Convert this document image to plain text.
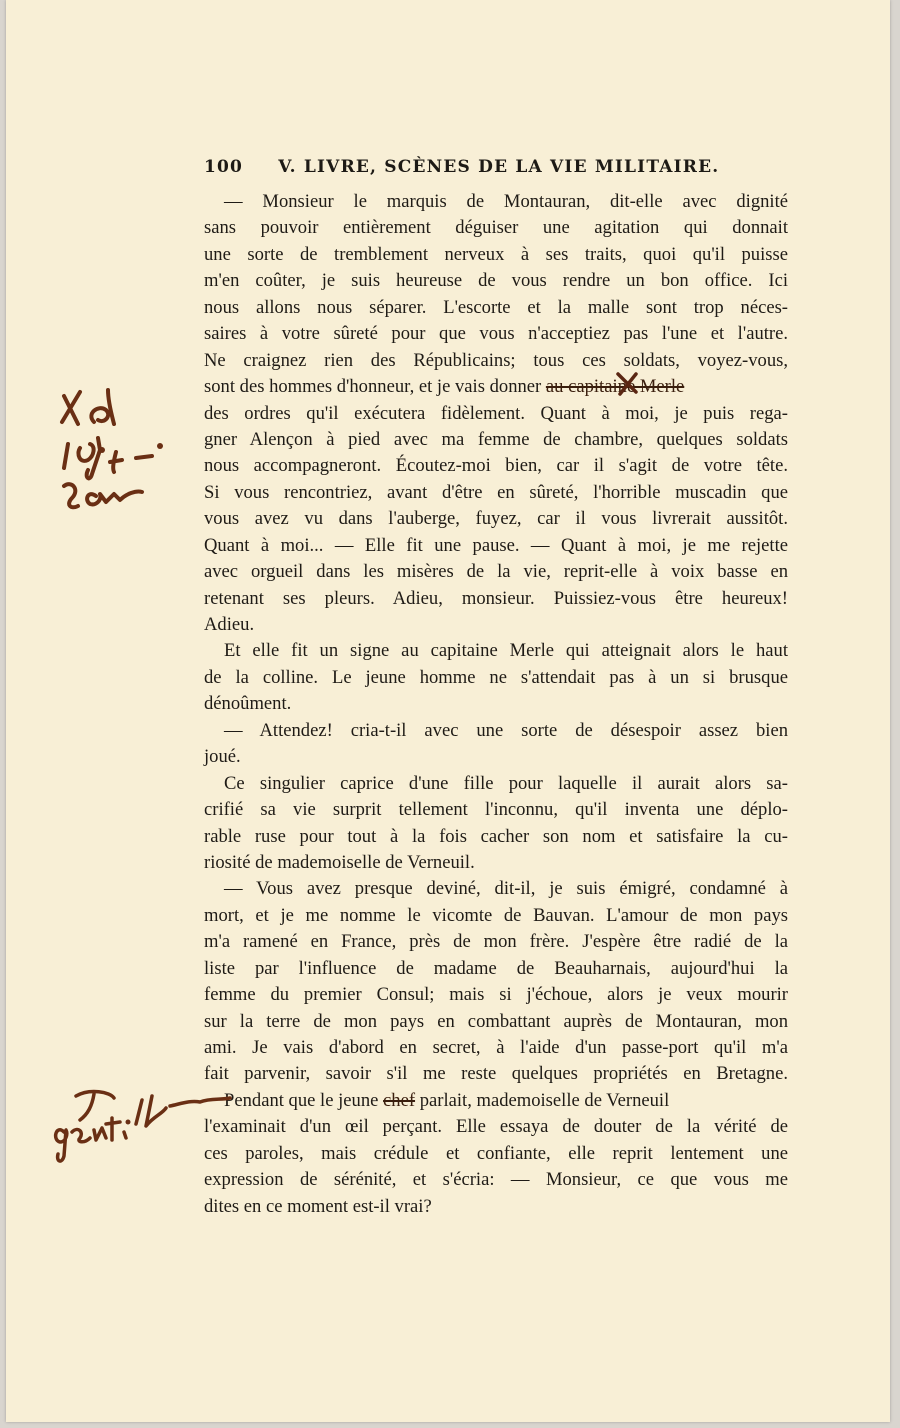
100 V. LIVRE, SCÈNES DE LA VIE MILITAIRE.
— Monsieur le marquis de Montauran, dit-elle avec dignité
sans pouvoir entièrement déguiser une agitation qui donnait
une sorte de tremblement nerveux à ses traits, quoi qu'il puisse
m'en coûter, je suis heureuse de vous rendre un bon office. Ici
nous allons nous séparer. L'escorte et la malle sont trop néces-
saires à votre sûreté pour que vous n'acceptiez pas l'une et l'autre.
Ne craignez rien des Républicains; tous ces soldats, voyez-vous,
sont des hommes d'honneur, et je vais donner au capitaine Merle
des ordres qu'il exécutera fidèlement. Quant à moi, je puis rega-
gner Alençon à pied avec ma femme de chambre, quelques soldats
nous accompagneront. Écoutez-moi bien, car il s'agit de votre tête.
Si vous rencontriez, avant d'être en sûreté, l'horrible muscadin que
vous avez vu dans l'auberge, fuyez, car il vous livrerait aussitôt.
Quant à moi... — Elle fit une pause. — Quant à moi, je me rejette
avec orgueil dans les misères de la vie, reprit-elle à voix basse en
retenant ses pleurs. Adieu, monsieur. Puissiez-vous être heureux!
Adieu.
Et elle fit un signe au capitaine Merle qui atteignait alors le haut
de la colline. Le jeune homme ne s'attendait pas à un si brusque
dénoûment.
— Attendez! cria-t-il avec une sorte de désespoir assez bien
joué.
Ce singulier caprice d'une fille pour laquelle il aurait alors sa-
crifié sa vie surprit tellement l'inconnu, qu'il inventa une déplo-
rable ruse pour tout à la fois cacher son nom et satisfaire la cu-
riosité de mademoiselle de Verneuil.
— Vous avez presque deviné, dit-il, je suis émigré, condamné à
mort, et je me nomme le vicomte de Bauvan. L'amour de mon pays
m'a ramené en France, près de mon frère. J'espère être radié de la
liste par l'influence de madame de Beauharnais, aujourd'hui la
femme du premier Consul; mais si j'échoue, alors je veux mourir
sur la terre de mon pays en combattant auprès de Montauran, mon
ami. Je vais d'abord en secret, à l'aide d'un passe-port qu'il m'a
fait parvenir, savoir s'il me reste quelques propriétés en Bretagne.
Pendant que le jeune chef parlait, mademoiselle de Verneuil
l'examinait d'un œil perçant. Elle essaya de douter de la vérité de
ces paroles, mais crédule et confiante, elle reprit lentement une
expression de sérénité, et s'écria: — Monsieur, ce que vous me
dites en ce moment est-il vrai?
